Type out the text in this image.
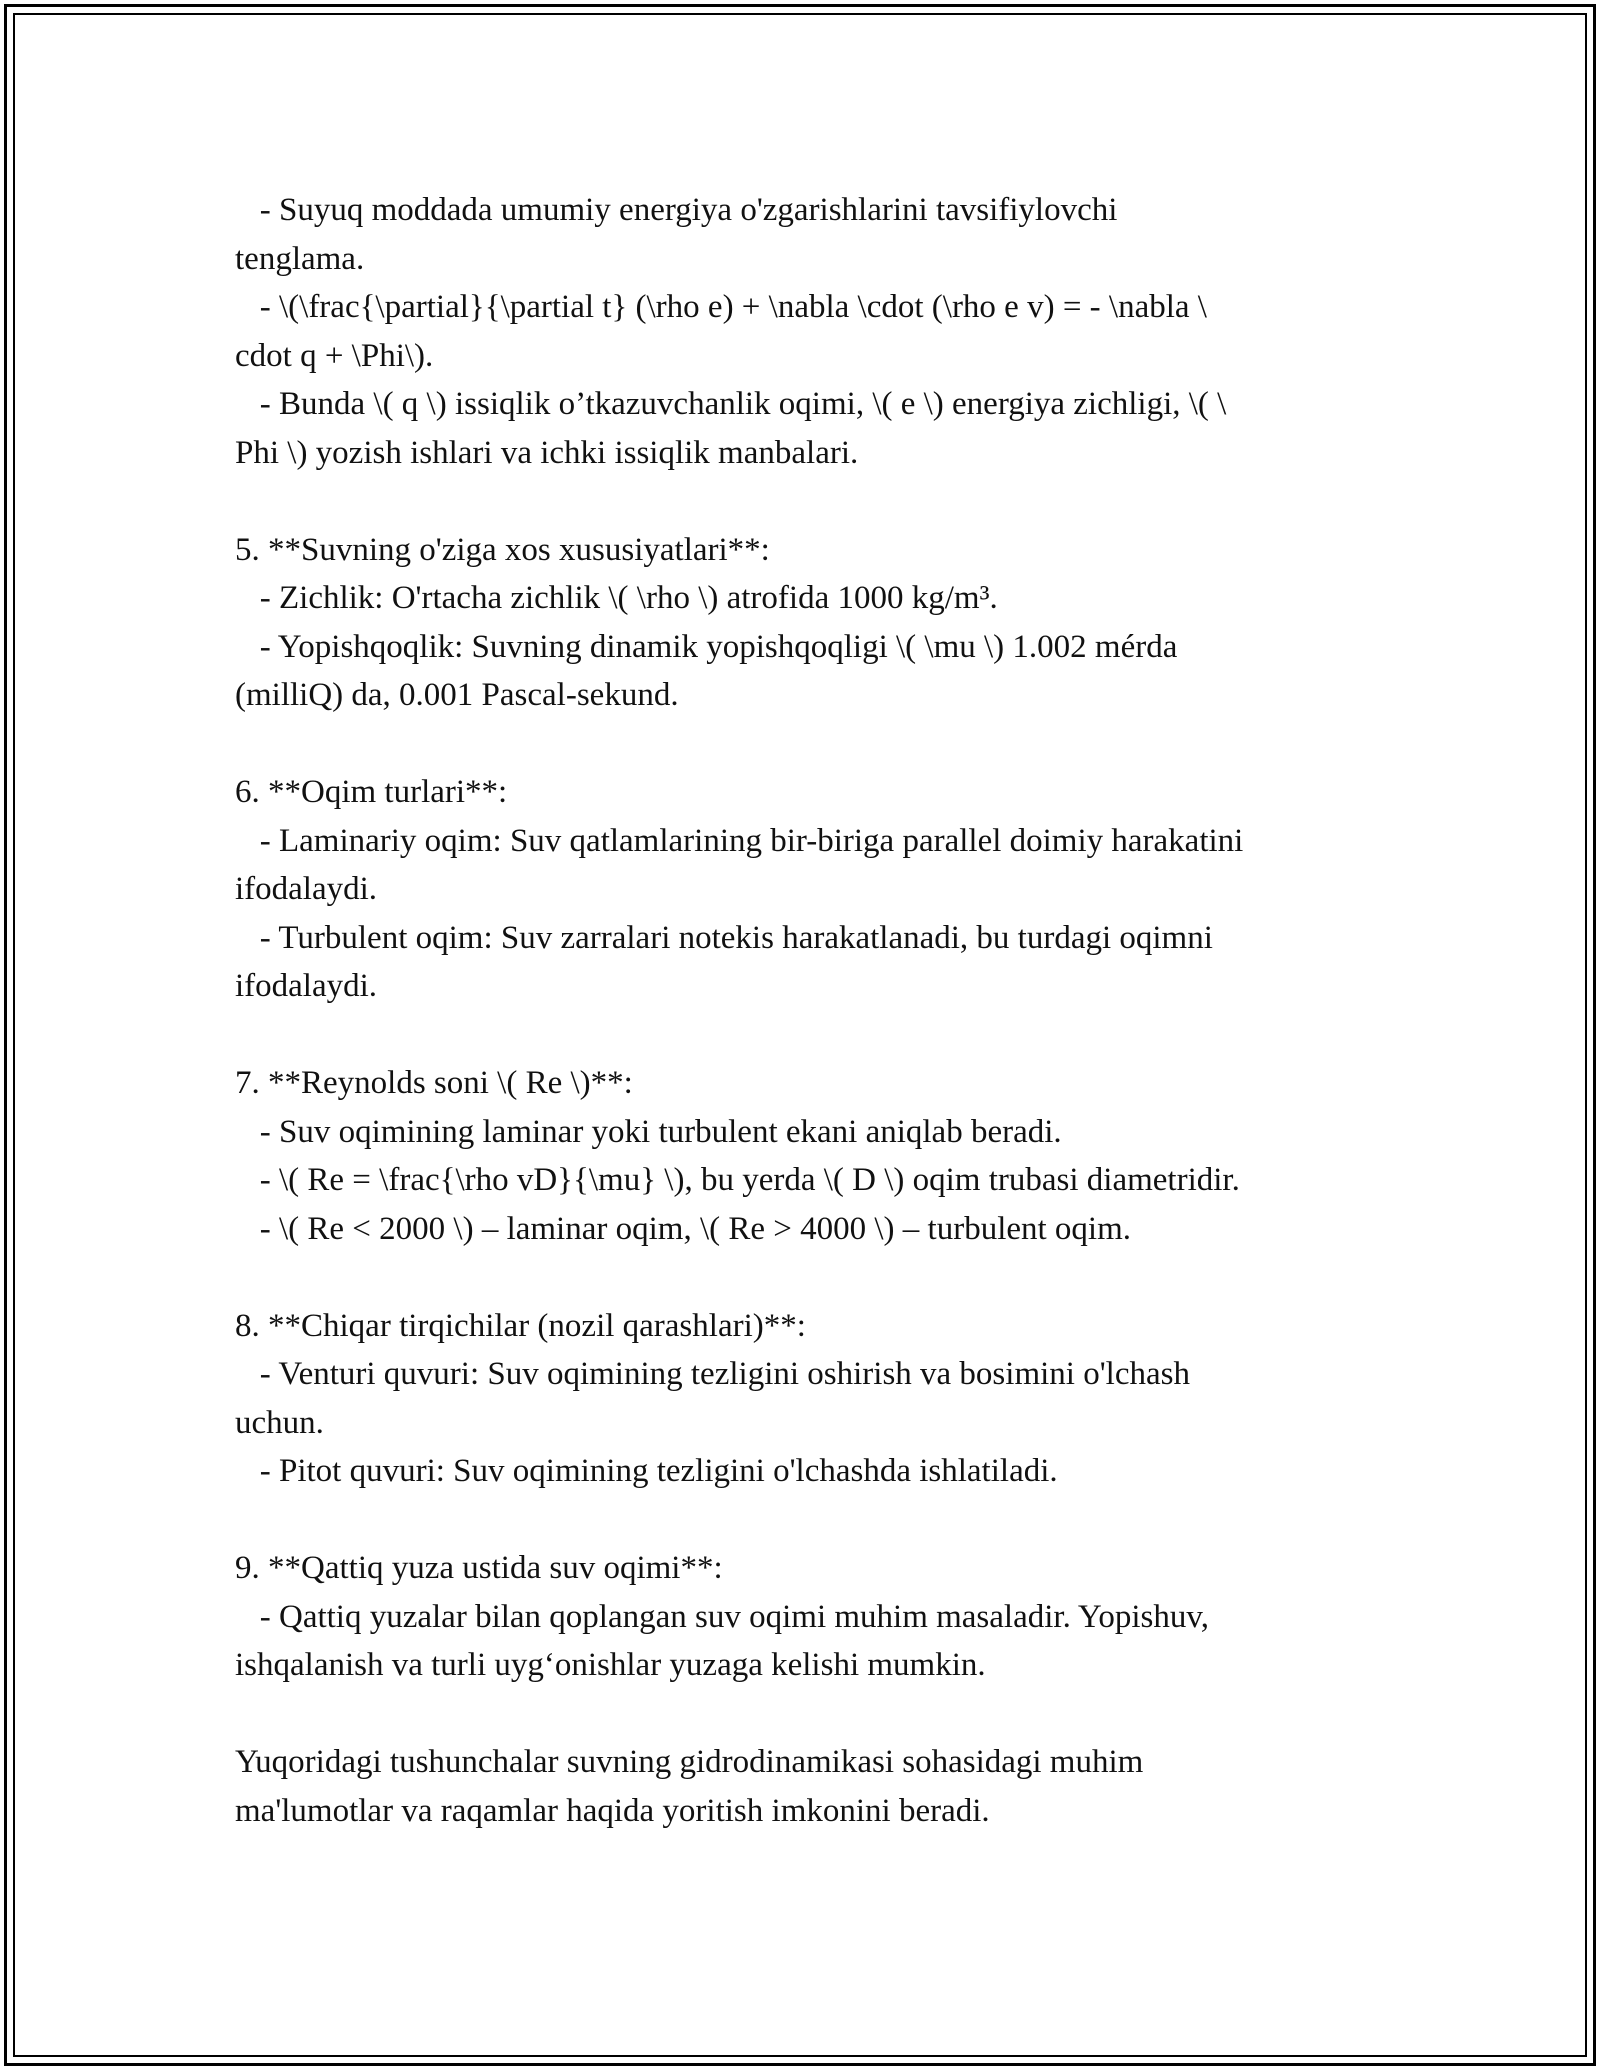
- Suyuq moddada umumiy energiya o'zgarishlarini tavsifiylovchi
tenglama.
- \(\frac{\partial}{\partial t} (\rho e) + \nabla \cdot (\rho e v) = - \nabla \
cdot q + \Phi\).
- Bunda \( q \) issiqlik o’tkazuvchanlik oqimi, \( e \) energiya zichligi, \( \
Phi \) yozish ishlari va ichki issiqlik manbalari.
5. **Suvning o'ziga xos xususiyatlari**:
- Zichlik: O'rtacha zichlik \( \rho \) atrofida 1000 kg/m³.
- Yopishqoqlik: Suvning dinamik yopishqoqligi \( \mu \) 1.002 mérda
(milliQ) da, 0.001 Pascal-sekund.
6. **Oqim turlari**:
- Laminariy oqim: Suv qatlamlarining bir-biriga parallel doimiy harakatini
ifodalaydi.
- Turbulent oqim: Suv zarralari notekis harakatlanadi, bu turdagi oqimni
ifodalaydi.
7. **Reynolds soni \( Re \)**:
- Suv oqimining laminar yoki turbulent ekani aniqlab beradi.
- \( Re = \frac{\rho vD}{\mu} \), bu yerda \( D \) oqim trubasi diametridir.
- \( Re < 2000 \) – laminar oqim, \( Re > 4000 \) – turbulent oqim.
8. **Chiqar tirqichilar (nozil qarashlari)**:
- Venturi quvuri: Suv oqimining tezligini oshirish va bosimini o'lchash
uchun.
- Pitot quvuri: Suv oqimining tezligini o'lchashda ishlatiladi.
9. **Qattiq yuza ustida suv oqimi**:
- Qattiq yuzalar bilan qoplangan suv oqimi muhim masaladir. Yopishuv,
ishqalanish va turli uyg‘onishlar yuzaga kelishi mumkin.
Yuqoridagi tushunchalar suvning gidrodinamikasi sohasidagi muhim
ma'lumotlar va raqamlar haqida yoritish imkonini beradi.
